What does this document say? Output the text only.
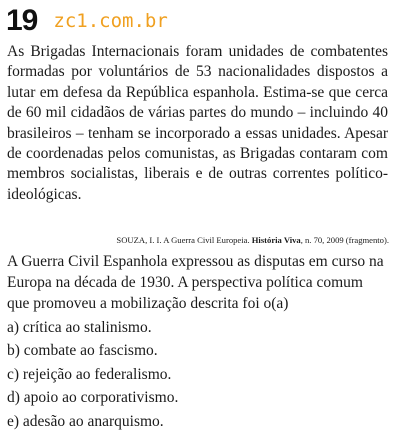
19 zc1.com.br

As Brigadas Internacionais foram unidades de combatentes formadas por voluntários de 53 nacionalidades dispostos a lutar em defesa da República espanhola. Estima-se que cerca de 60 mil cidadãos de várias partes do mundo – incluindo 40 brasileiros – tenham se incorporado a essas unidades. Apesar de coordenadas pelos comunistas, as Brigadas contaram com membros socialistas, liberais e de outras correntes político-ideológicas.

SOUZA, I. I. A Guerra Civil Europeia. História Viva, n. 70, 2009 (fragmento).

A Guerra Civil Espanhola expressou as disputas em curso na Europa na década de 1930. A perspectiva política comum que promoveu a mobilização descrita foi o(a)

a) crítica ao stalinismo.
b) combate ao fascismo.
c) rejeição ao federalismo.
d) apoio ao corporativismo.
e) adesão ao anarquismo.
